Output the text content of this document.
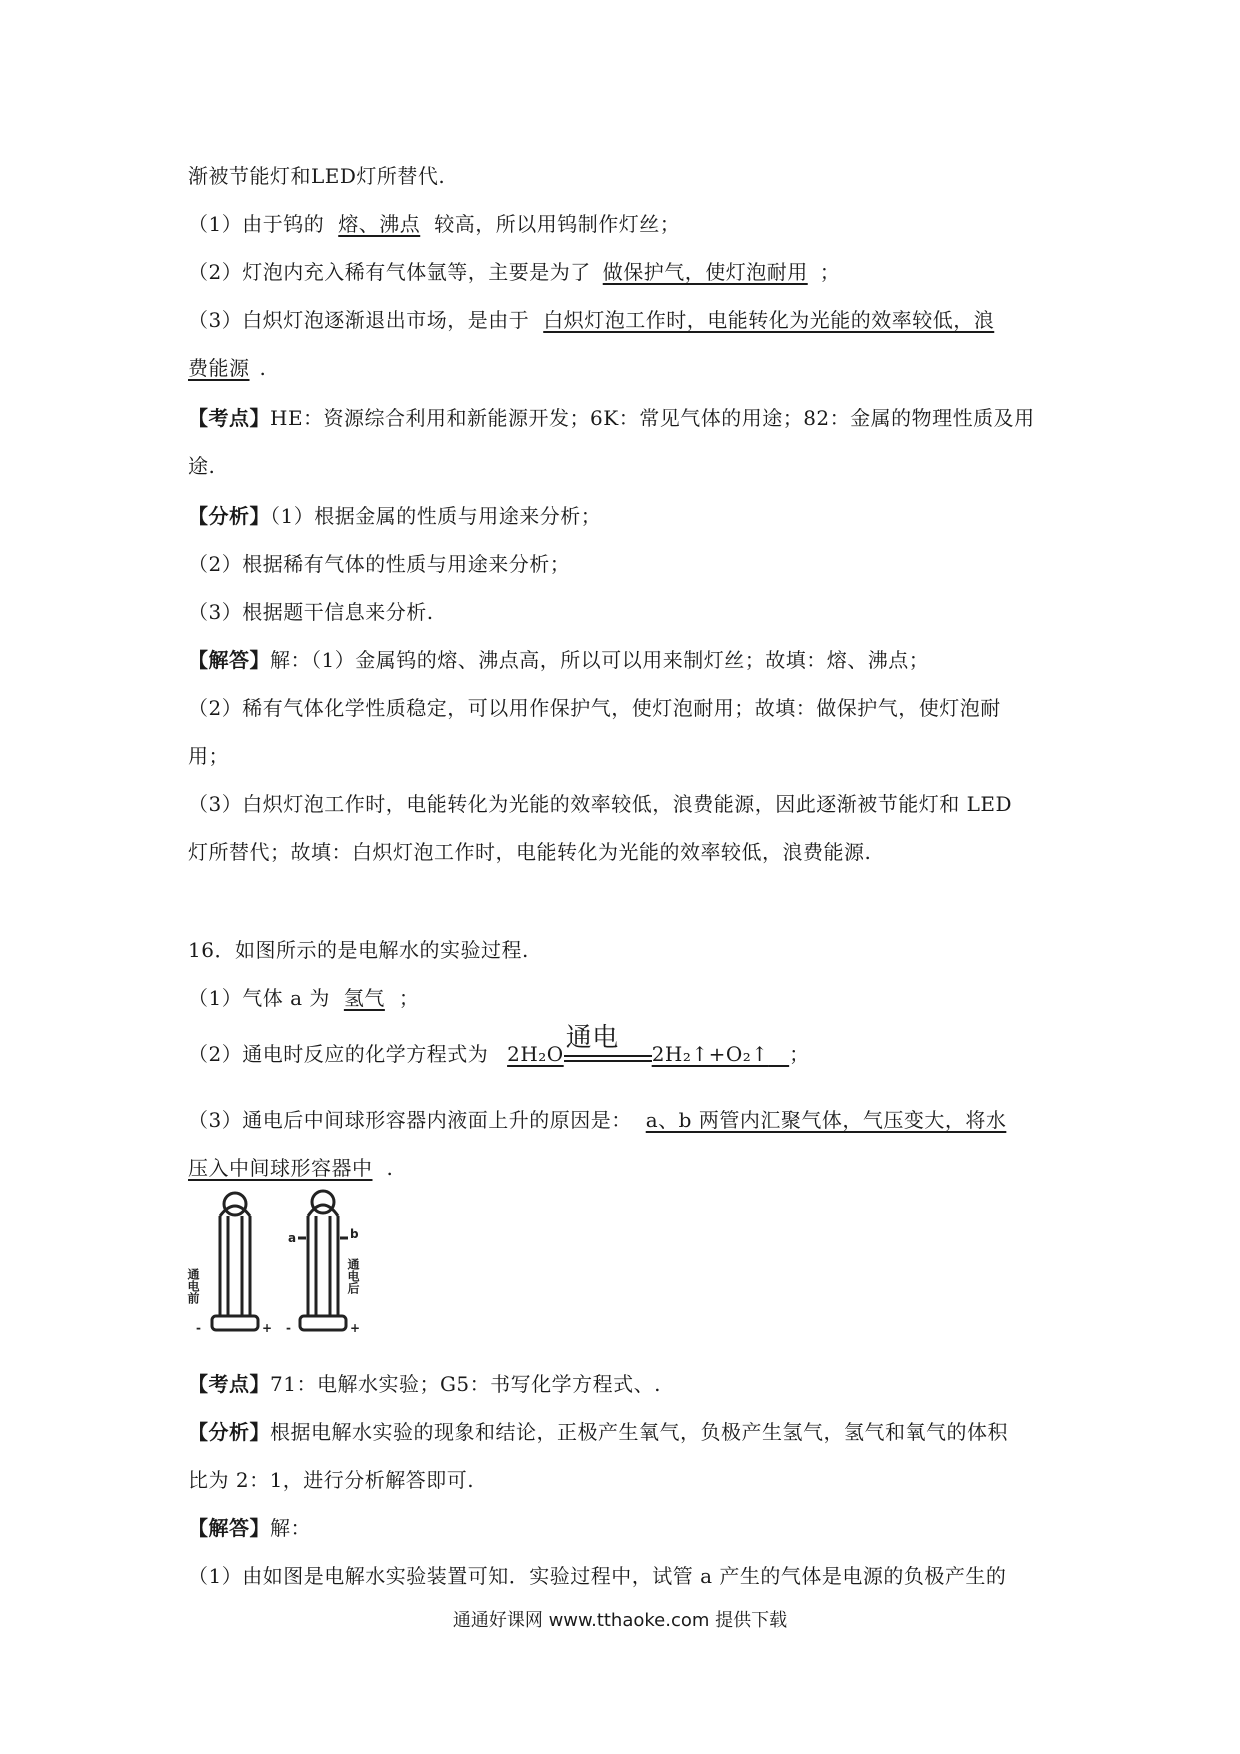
渐被节能灯和LED灯所替代.
（1）由于钨的 熔、沸点 较高，所以用钨制作灯丝；
（2）灯泡内充入稀有气体氩等，主要是为了 做保护气，使灯泡耐用 ；
（3）白炽灯泡逐渐退出市场，是由于 白炽灯泡工作时，电能转化为光能的效率较低，浪
费能源 .
【考点】HE：资源综合利用和新能源开发；6K：常见气体的用途；82：金属的物理性质及用
途.
【分析】（1）根据金属的性质与用途来分析；
（2）根据稀有气体的性质与用途来分析；
（3）根据题干信息来分析.
【解答】解：（1）金属钨的熔、沸点高，所以可以用来制灯丝；故填：熔、沸点；
（2）稀有气体化学性质稳定，可以用作保护气，使灯泡耐用；故填：做保护气，使灯泡耐
用；
（3）白炽灯泡工作时，电能转化为光能的效率较低，浪费能源，因此逐渐被节能灯和 LED
灯所替代；故填：白炽灯泡工作时，电能转化为光能的效率较低，浪费能源.
16．如图所示的是电解水的实验过程.
（1）气体 a 为 氢气 ；
（2）通电时反应的化学方程式为 2H₂O
通电
2H₂↑+O₂↑ ；
（3）通电后中间球形容器内液面上升的原因是： a、b 两管内汇聚气体，气压变大，将水
压入中间球形容器中 .
通电前	通电后
a	b
-	+ -	+
【考点】71：电解水实验；G5：书写化学方程式、.
【分析】根据电解水实验的现象和结论，正极产生氧气，负极产生氢气，氢气和氧气的体积
比为 2：1，进行分析解答即可.
【解答】解：
（1）由如图是电解水实验装置可知．实验过程中，试管 a 产生的气体是电源的负极产生的
通通好课网 www.tthaoke.com 提供下载
